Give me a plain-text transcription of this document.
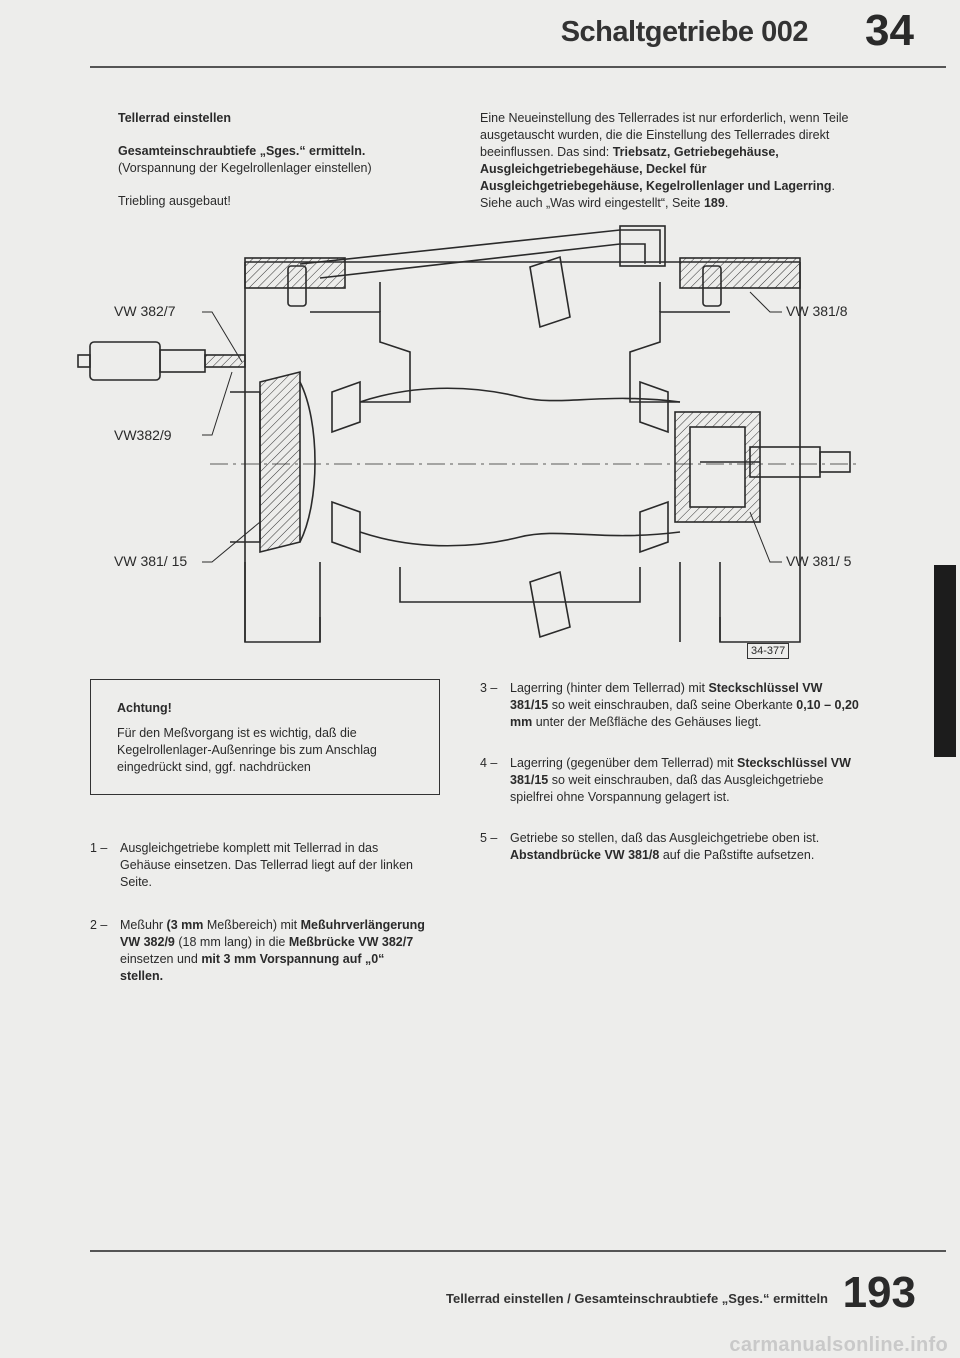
Schaltgetriebe 002 34

Tellerrad einstellen

Gesamteinschraubtiefe „Sges.“ ermitteln.

(Vorspannung der Kegelrollenlager einstellen)

Triebling ausgebaut!

Eine Neueinstellung des Tellerrades ist nur erforderlich, wenn Teile ausgetauscht wurden, die die Einstellung des Tellerrades direkt beeinflussen. Das sind: Triebsatz, Getriebegehäuse, Ausgleichgetriebegehäuse, Deckel für Ausgleichgetriebegehäuse, Kegelrollenlager und Lagerring. Siehe auch „Was wird eingestellt“, Seite 189.
VW 382/7
VW382/9
VW 381/ 15
VW 381/8
VW 381/ 5
34-377
Achtung!
Für den Meßvorgang ist es wichtig, daß die Kegelrollenlager-Außenringe bis zum Anschlag eingedrückt sind, ggf. nachdrücken
1 –	Ausgleichgetriebe komplett mit Tellerrad in das Gehäuse einsetzen. Das Tellerrad liegt auf der linken Seite.
2 –	Meßuhr (3 mm Meßbereich) mit Meßuhrverlängerung VW 382/9 (18 mm lang) in die Meßbrücke VW 382/7 einsetzen und mit 3 mm Vorspannung auf „0“ stellen.
3 –	Lagerring (hinter dem Tellerrad) mit Steckschlüssel VW 381/15 so weit einschrauben, daß seine Oberkante 0,10 – 0,20 mm unter der Meßfläche des Gehäuses liegt.
4 –	Lagerring (gegenüber dem Tellerrad) mit Steckschlüssel VW 381/15 so weit einschrauben, daß das Ausgleichgetriebe spielfrei ohne Vorspannung gelagert ist.
5 –	Getriebe so stellen, daß das Ausgleichgetriebe oben ist. Abstandbrücke VW 381/8 auf die Paßstifte aufsetzen.
Tellerrad einstellen / Gesamteinschraubtiefe „Sges.“ ermitteln 193
carmanualsonline.info
